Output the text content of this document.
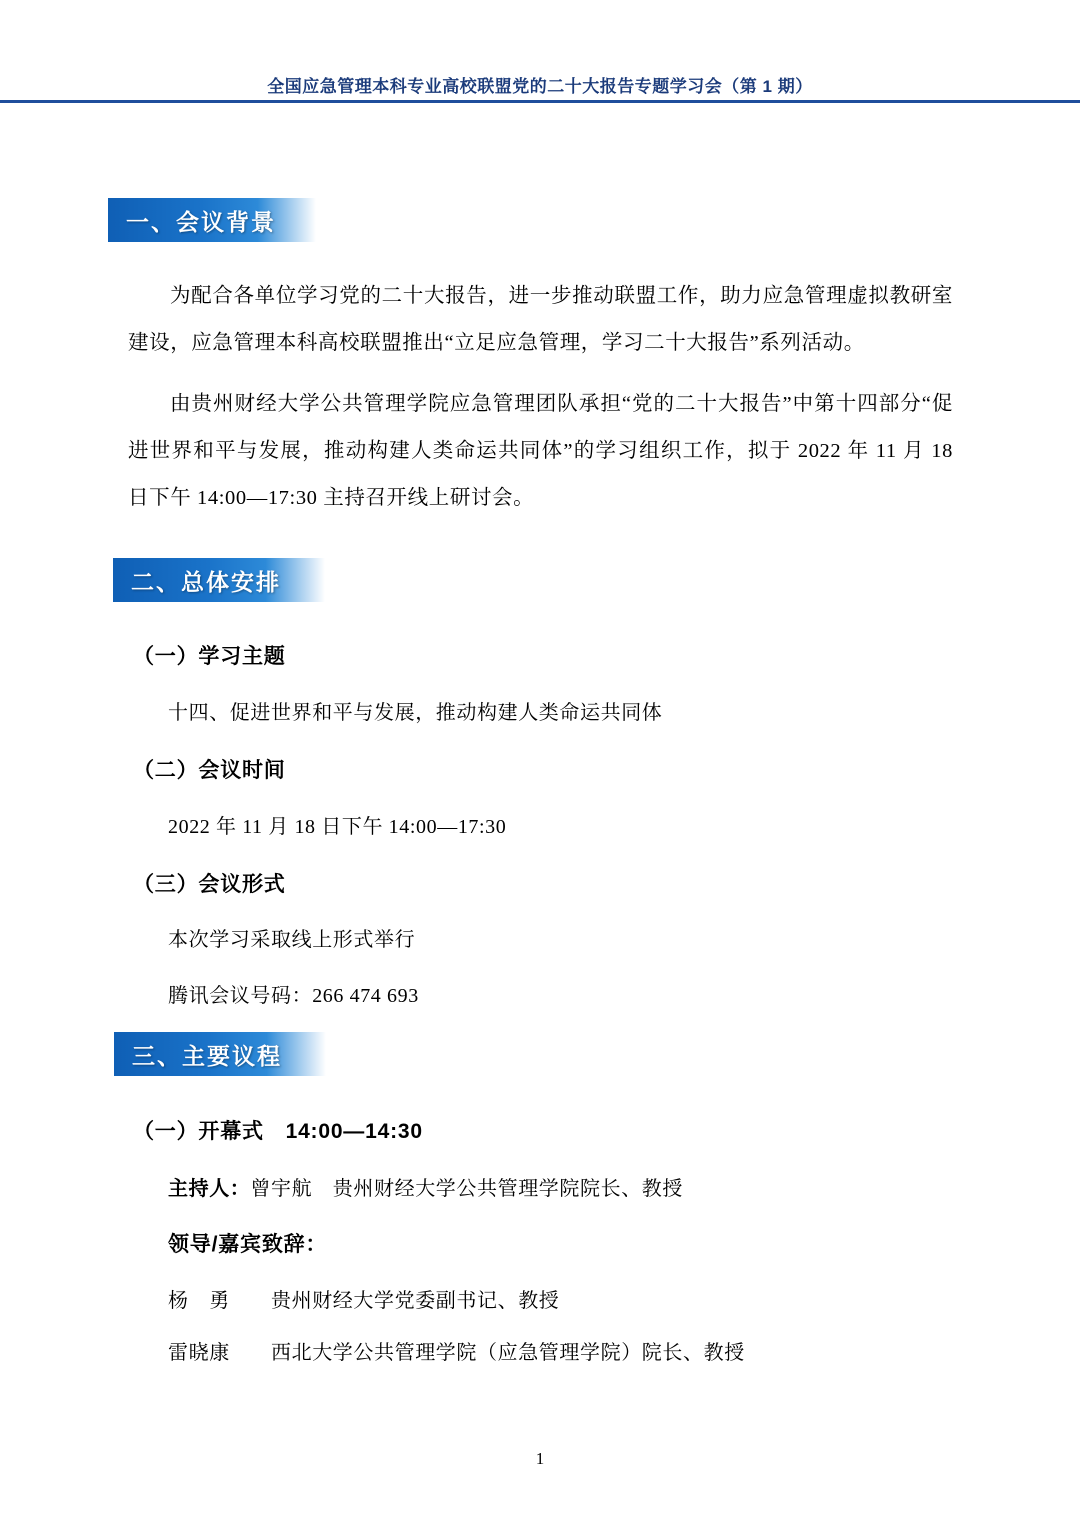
全国应急管理本科专业高校联盟党的二十大报告专题学习会（第 1 期）
一、会议背景
为配合各单位学习党的二十大报告，进一步推动联盟工作，助力应急管理虚拟教研室建设，应急管理本科高校联盟推出“立足应急管理，学习二十大报告”系列活动。
由贵州财经大学公共管理学院应急管理团队承担“党的二十大报告”中第十四部分“促进世界和平与发展，推动构建人类命运共同体”的学习组织工作，拟于 2022 年 11 月 18 日下午 14:00—17:30 主持召开线上研讨会。
二、总体安排
（一）学习主题
十四、促进世界和平与发展，推动构建人类命运共同体
（二）会议时间
2022 年 11 月 18 日下午 14:00—17:30
（三）会议形式
本次学习采取线上形式举行
腾讯会议号码：266 474 693
三、主要议程
（一）开幕式　14:00—14:30
主持人：曾宇航　贵州财经大学公共管理学院院长、教授
领导/嘉宾致辞：
杨　勇　　贵州财经大学党委副书记、教授
雷晓康　　西北大学公共管理学院（应急管理学院）院长、教授
1
